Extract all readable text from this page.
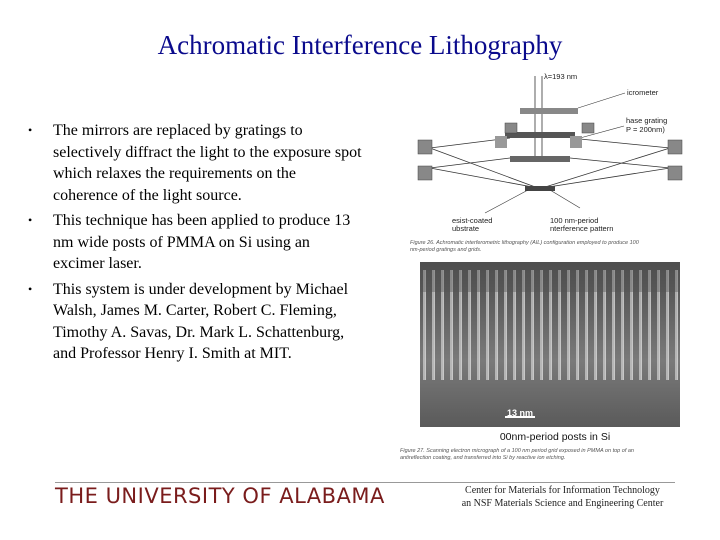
Achromatic Interference Lithography
• The mirrors are replaced by gratings to selectively diffract the light to the exposure spot which relaxes the requirements on the coherence of the light source.
• This technique has been applied to produce 13 nm wide posts of PMMA on Si using an excimer laser.
• This system is under development by Michael Walsh, James M. Carter, Robert C. Fleming, Timothy A. Savas, Dr. Mark L. Schattenburg, and Professor Henry I. Smith at MIT.
λ=193 nm
icrometer
hase grating
P = 200nm)
esist-coated
ubstrate
100 nm-period
nterference pattern
Figure 26. Achromatic interferometric lithography (AIL) configuration employed to produce 100
nm-period gratings and grids.
13 nm
00nm-period posts in Si
Figure 27. Scanning electron micrograph of a 100 nm period grid exposed in PMMA on top of an
antireflection coating, and transferred into Si by reactive ion etching.
THE UNIVERSITY OF ALABAMA	Center for Materials for Information Technology
an NSF Materials Science and Engineering Center
